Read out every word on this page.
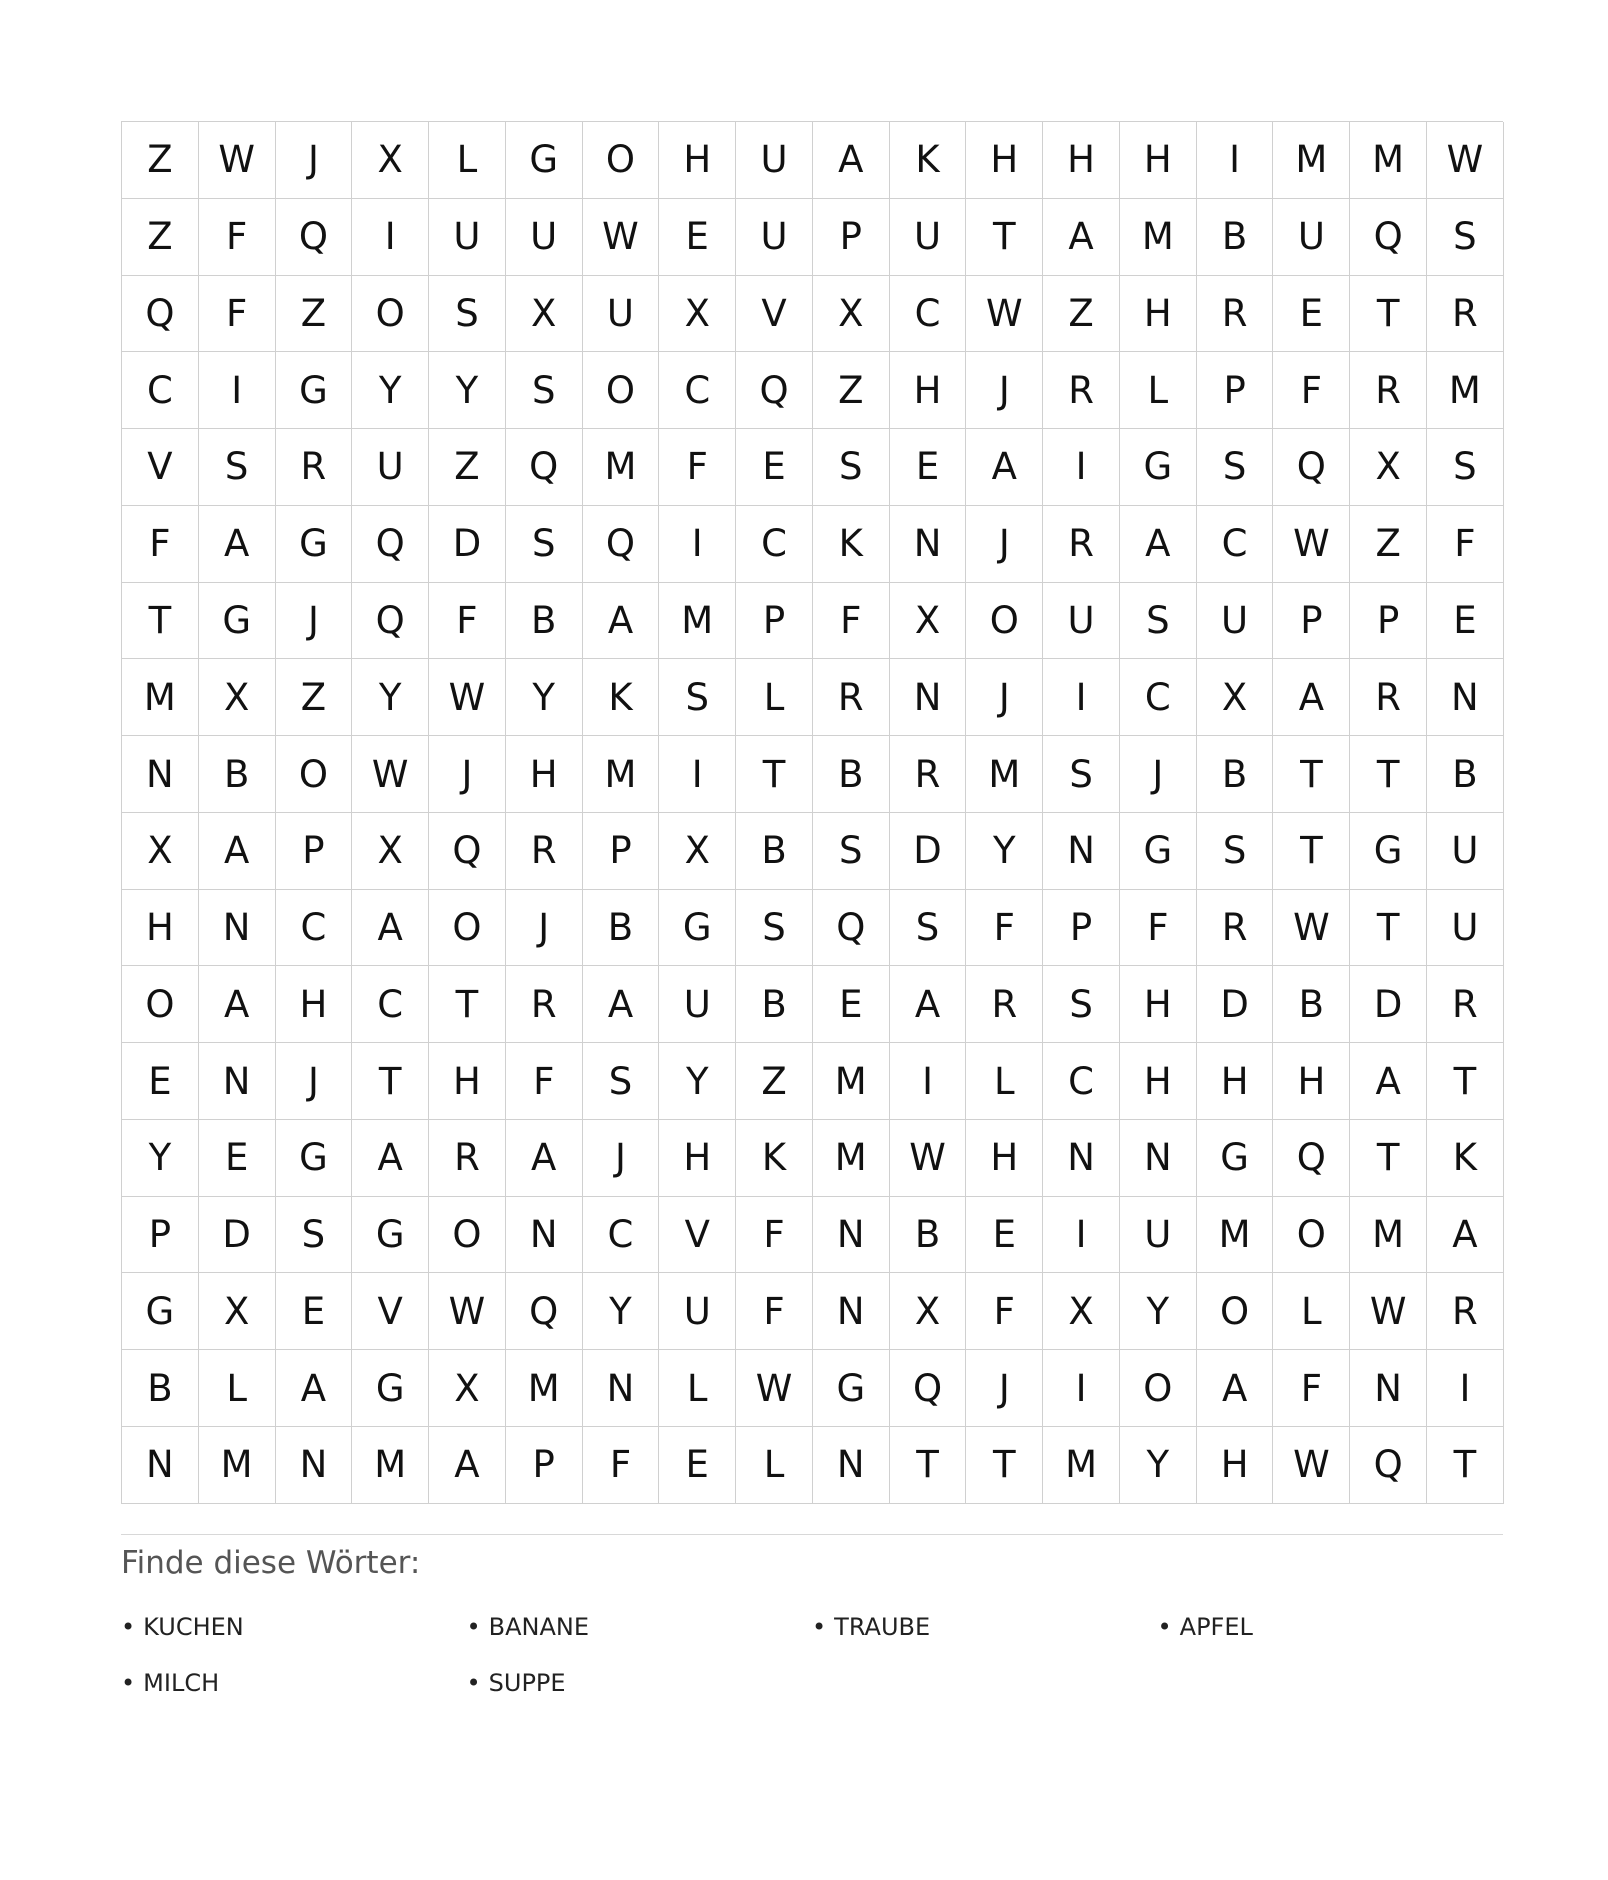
Z	W	J	X	L	G	O	H	U	A	K	H	H	H	I	M	M	W
Z	F	Q	I	U	U	W	E	U	P	U	T	A	M	B	U	Q	S
Q	F	Z	O	S	X	U	X	V	X	C	W	Z	H	R	E	T	R
C	I	G	Y	Y	S	O	C	Q	Z	H	J	R	L	P	F	R	M
V	S	R	U	Z	Q	M	F	E	S	E	A	I	G	S	Q	X	S
F	A	G	Q	D	S	Q	I	C	K	N	J	R	A	C	W	Z	F
T	G	J	Q	F	B	A	M	P	F	X	O	U	S	U	P	P	E
M	X	Z	Y	W	Y	K	S	L	R	N	J	I	C	X	A	R	N
N	B	O	W	J	H	M	I	T	B	R	M	S	J	B	T	T	B
X	A	P	X	Q	R	P	X	B	S	D	Y	N	G	S	T	G	U
H	N	C	A	O	J	B	G	S	Q	S	F	P	F	R	W	T	U
O	A	H	C	T	R	A	U	B	E	A	R	S	H	D	B	D	R
E	N	J	T	H	F	S	Y	Z	M	I	L	C	H	H	H	A	T
Y	E	G	A	R	A	J	H	K	M	W	H	N	N	G	Q	T	K
P	D	S	G	O	N	C	V	F	N	B	E	I	U	M	O	M	A
G	X	E	V	W	Q	Y	U	F	N	X	F	X	Y	O	L	W	R
B	L	A	G	X	M	N	L	W	G	Q	J	I	O	A	F	N	I
N	M	N	M	A	P	F	E	L	N	T	T	M	Y	H	W	Q	T
Finde diese Wörter:
• KUCHEN	• BANANE	• TRAUBE	• APFEL
• MILCH	• SUPPE
